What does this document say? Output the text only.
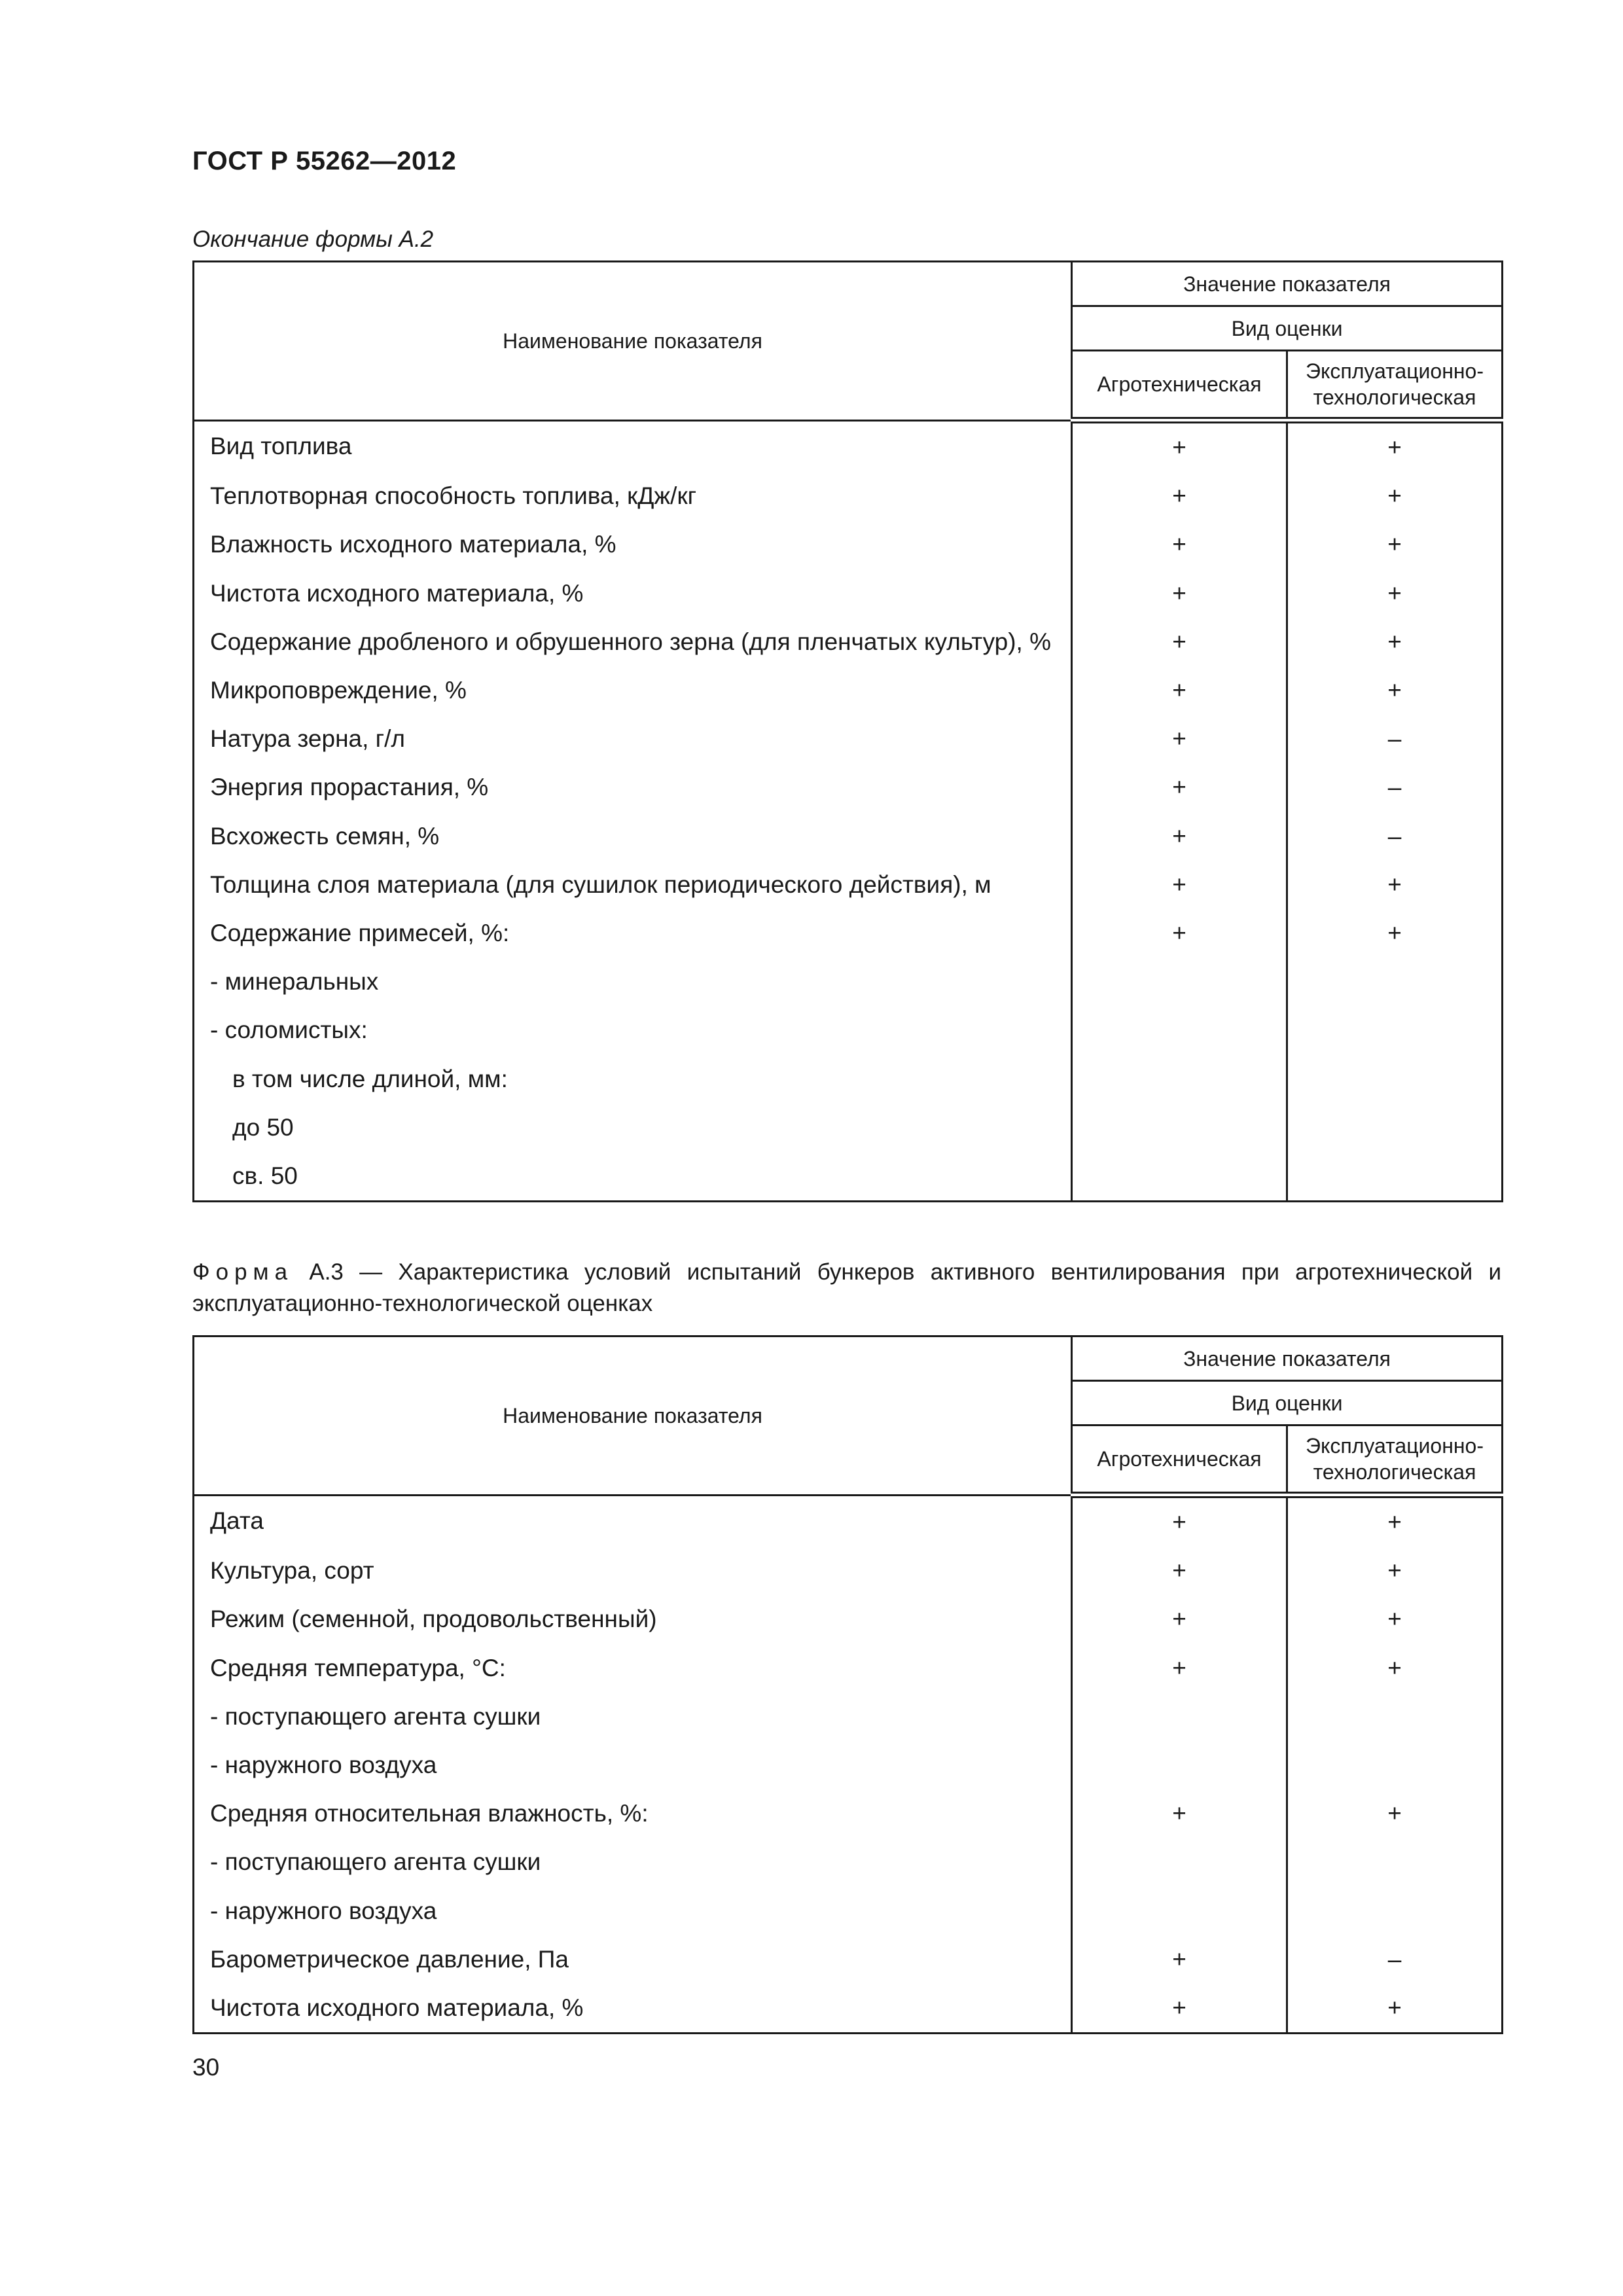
ГОСТ Р 55262—2012
Окончание формы А.2
Наименование показателя	Значение показателя	
	Вид оценки	
	Агротехническая	Эксплуатационно-
технологическая
Вид топлива	+	+
Теплотворная способность топлива, кДж/кг	+	+
Влажность исходного материала, %	+	+
Чистота исходного материала, %	+	+
Содержание дробленого и обрушенного зерна (для пленчатых культур), %	+	+
Микроповреждение, %	+	+
Натура зерна, г/л	+	–
Энергия прорастания, %	+	–
Всхожесть семян, %	+	–
Толщина слоя материала (для сушилок периодического действия), м	+	+
Содержание примесей, %:	+	+
- минеральных		
- соломистых:		
в том числе длиной, мм:		
до 50		
св. 50		
Форма А.3 — Характеристика условий испытаний бункеров активного вентилирования при агротехнической и эксплуатационно-технологической оценках
Наименование показателя	Значение показателя	
	Вид оценки	
	Агротехническая	Эксплуатационно-
технологическая
Дата	+	+
Культура, сорт	+	+
Режим (семенной, продовольственный)	+	+
Средняя температура, °С:	+	+
- поступающего агента сушки		
- наружного воздуха		
Средняя относительная влажность, %:	+	+
- поступающего агента сушки		
- наружного воздуха		
Барометрическое давление, Па	+	–
Чистота исходного материала, %	+	+
30
